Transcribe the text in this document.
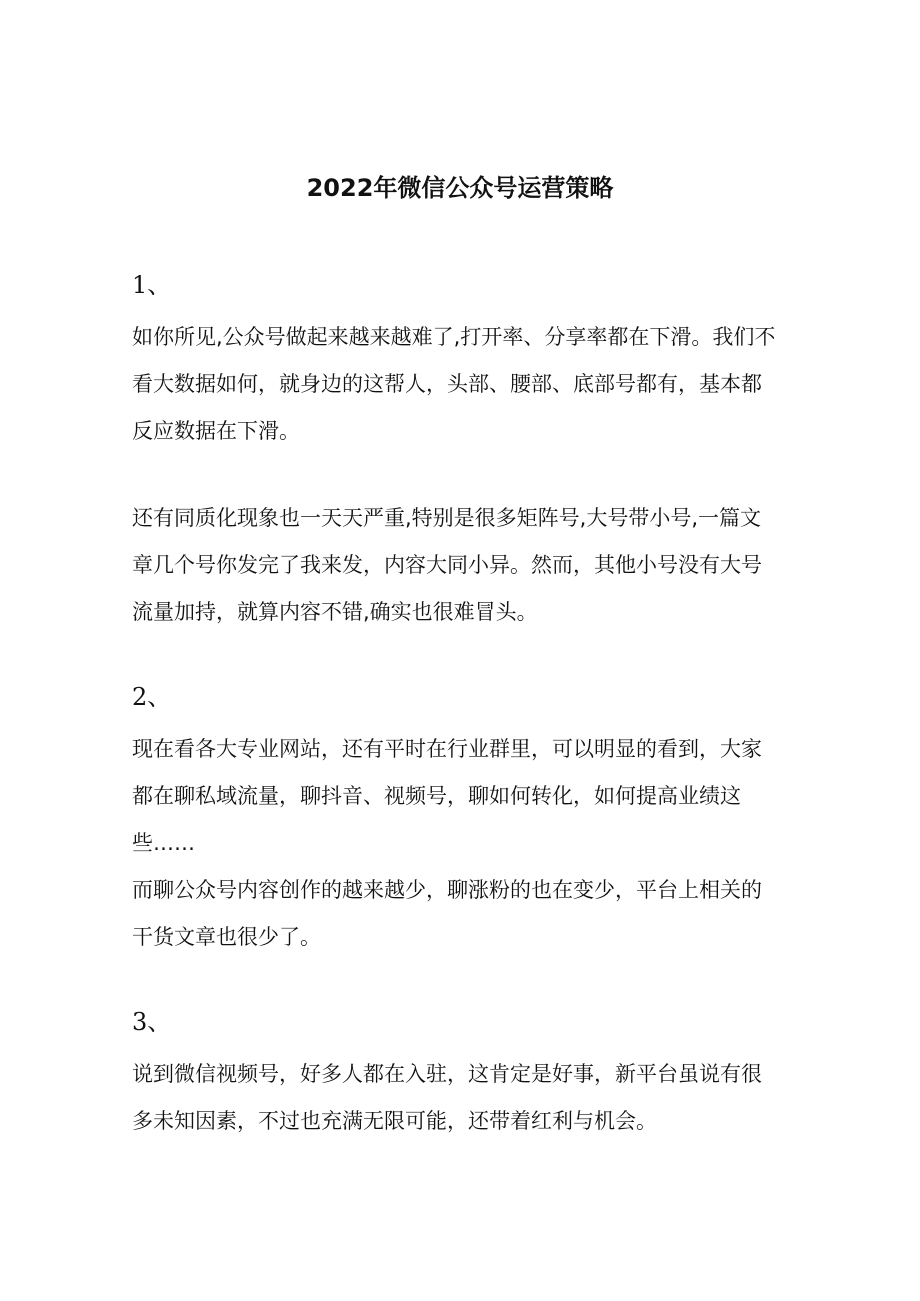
2022年微信公众号运营策略
1、

如你所见,公众号做起来越来越难了,打开率、分享率都在下滑。我们不
看大数据如何，就身边的这帮人，头部、腰部、底部号都有，基本都
反应数据在下滑。

还有同质化现象也一天天严重,特别是很多矩阵号,大号带小号,一篇文
章几个号你发完了我来发，内容大同小异。然而，其他小号没有大号
流量加持，就算内容不错,确实也很难冒头。

2、

现在看各大专业网站，还有平时在行业群里，可以明显的看到，大家
都在聊私域流量，聊抖音、视频号，聊如何转化，如何提高业绩这
些……

而聊公众号内容创作的越来越少，聊涨粉的也在变少，平台上相关的
干货文章也很少了。

3、

说到微信视频号，好多人都在入驻，这肯定是好事，新平台虽说有很
多未知因素，不过也充满无限可能，还带着红利与机会。
